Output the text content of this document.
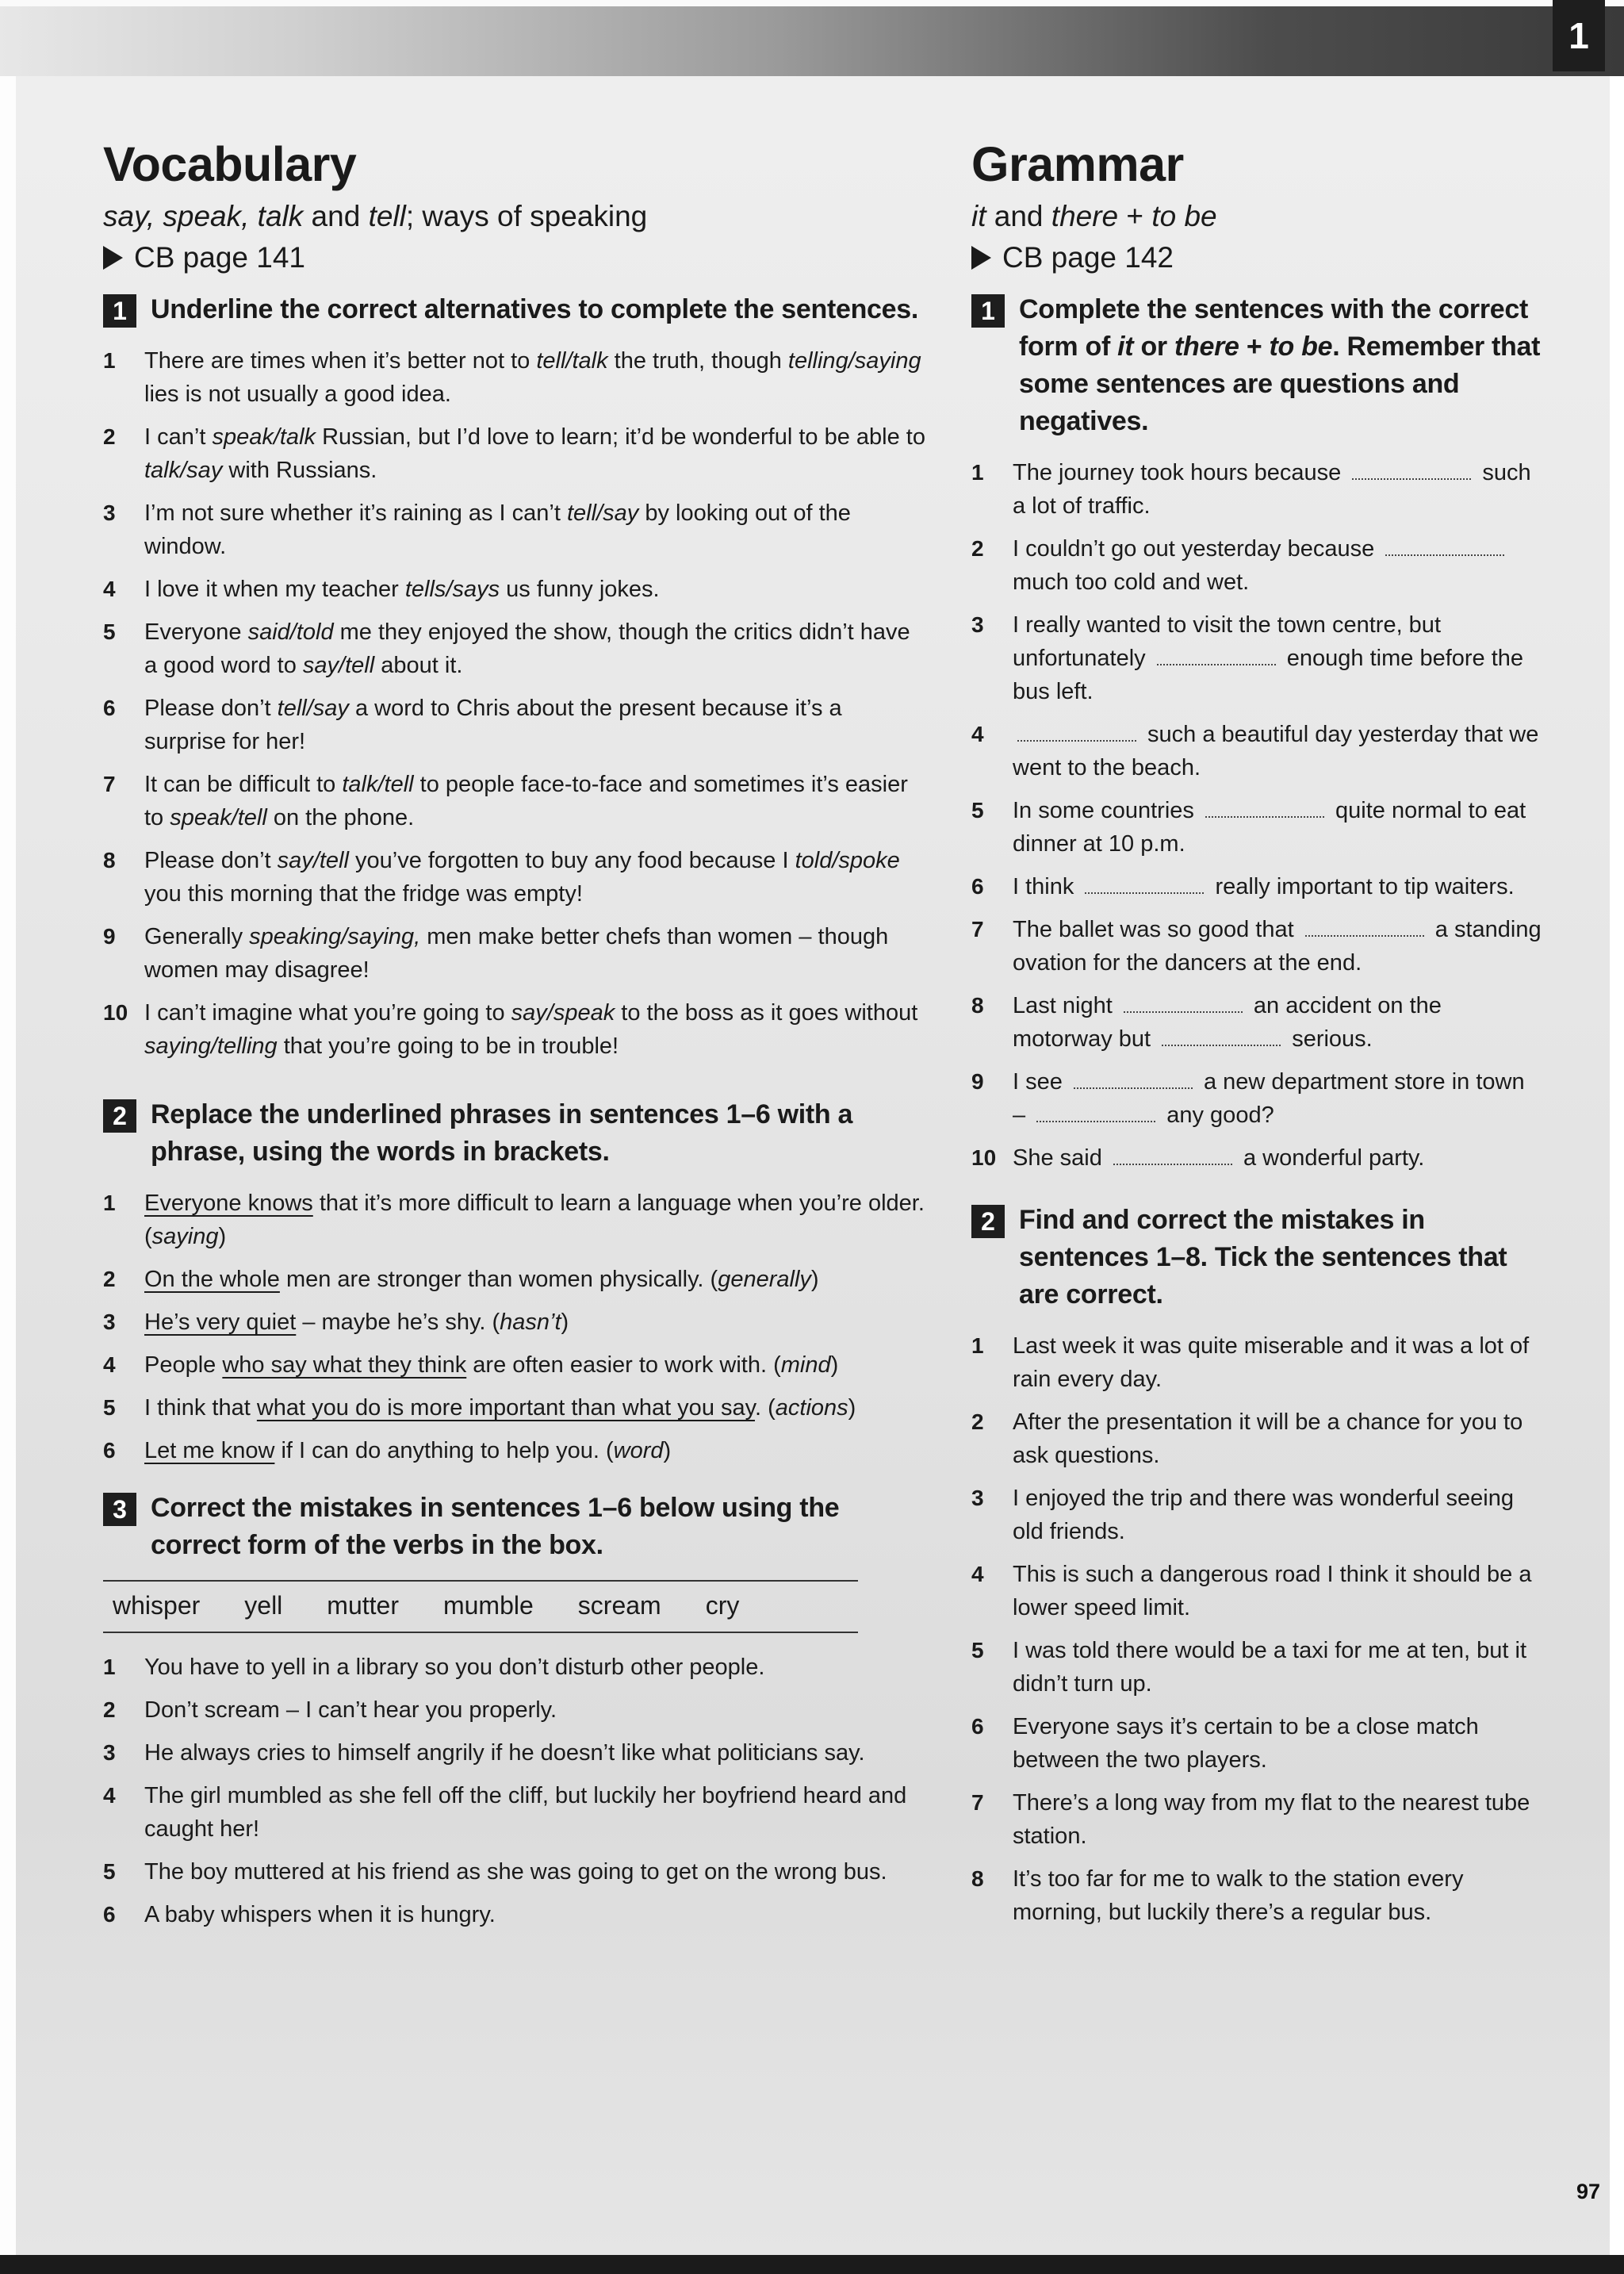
1
Vocabulary

say, speak, talk and tell; ways of speaking

CB page 141

1 Underline the correct alternatives to complete the sentences.
1	There are times when it’s better not to tell/talk the truth, though telling/saying lies is not usually a good idea.
2	I can’t speak/talk Russian, but I’d love to learn; it’d be wonderful to be able to talk/say with Russians.
3	I’m not sure whether it’s raining as I can’t tell/say by looking out of the window.
4	I love it when my teacher tells/says us funny jokes.
5	Everyone said/told me they enjoyed the show, though the critics didn’t have a good word to say/tell about it.
6	Please don’t tell/say a word to Chris about the present because it’s a surprise for her!
7	It can be difficult to talk/tell to people face-to-face and sometimes it’s easier to speak/tell on the phone.
8	Please don’t say/tell you’ve forgotten to buy any food because I told/spoke you this morning that the fridge was empty!
9	Generally speaking/saying, men make better chefs than women – though women may disagree!
10 I can’t imagine what you’re going to say/speak to the boss as it goes without saying/telling that you’re going to be in trouble!
2 Replace the underlined phrases in sentences 1–6 with a phrase, using the words in brackets.
1	Everyone knows that it’s more difficult to learn a language when you’re older. (saying)
2	On the whole men are stronger than women physically. (generally)
3	He’s very quiet – maybe he’s shy. (hasn’t)
4	People who say what they think are often easier to work with. (mind)
5	I think that what you do is more important than what you say. (actions)
6	Let me know if I can do anything to help you. (word)
3 Correct the mistakes in sentences 1–6 below using the correct form of the verbs in the box.
whisper yell mutter mumble scream cry
1	You have to yell in a library so you don’t disturb other people.
2	Don’t scream – I can’t hear you properly.
3	He always cries to himself angrily if he doesn’t like what politicians say.
4	The girl mumbled as she fell off the cliff, but luckily her boyfriend heard and caught her!
5	The boy muttered at his friend as she was going to get on the wrong bus.
6	A baby whispers when it is hungry.
Grammar

it and there + to be

CB page 142

1 Complete the sentences with the correct form of it or there + to be. Remember that some sentences are questions and negatives.
1	The journey took hours because	such a lot of traffic.
2	I couldn’t go out yesterday because  much too cold and wet.
3	I really wanted to visit the town centre, but unfortunately	enough time before the bus left.
4	such a beautiful day yesterday that we went to the beach.
5	In some countries	quite normal to eat dinner at 10 p.m.
6	I think	really important to tip waiters.
7	The ballet was so good that	a standing ovation for the dancers at the end.
8	Last night	an accident on the motorway but	serious.
9	I see	a new department store in town –	any good?
10 She said	a wonderful party.
2 Find and correct the mistakes in sentences 1–8. Tick the sentences that are correct.
1	Last week it was quite miserable and it was a lot of rain every day.
2	After the presentation it will be a chance for you to ask questions.
3	I enjoyed the trip and there was wonderful seeing old friends.
4	This is such a dangerous road I think it should be a lower speed limit.
5	I was told there would be a taxi for me at ten, but it didn’t turn up.
6	Everyone says it’s certain to be a close match between the two players.
7	There’s a long way from my flat to the nearest tube station.
8	It’s too far for me to walk to the station every morning, but luckily there’s a regular bus.
97
